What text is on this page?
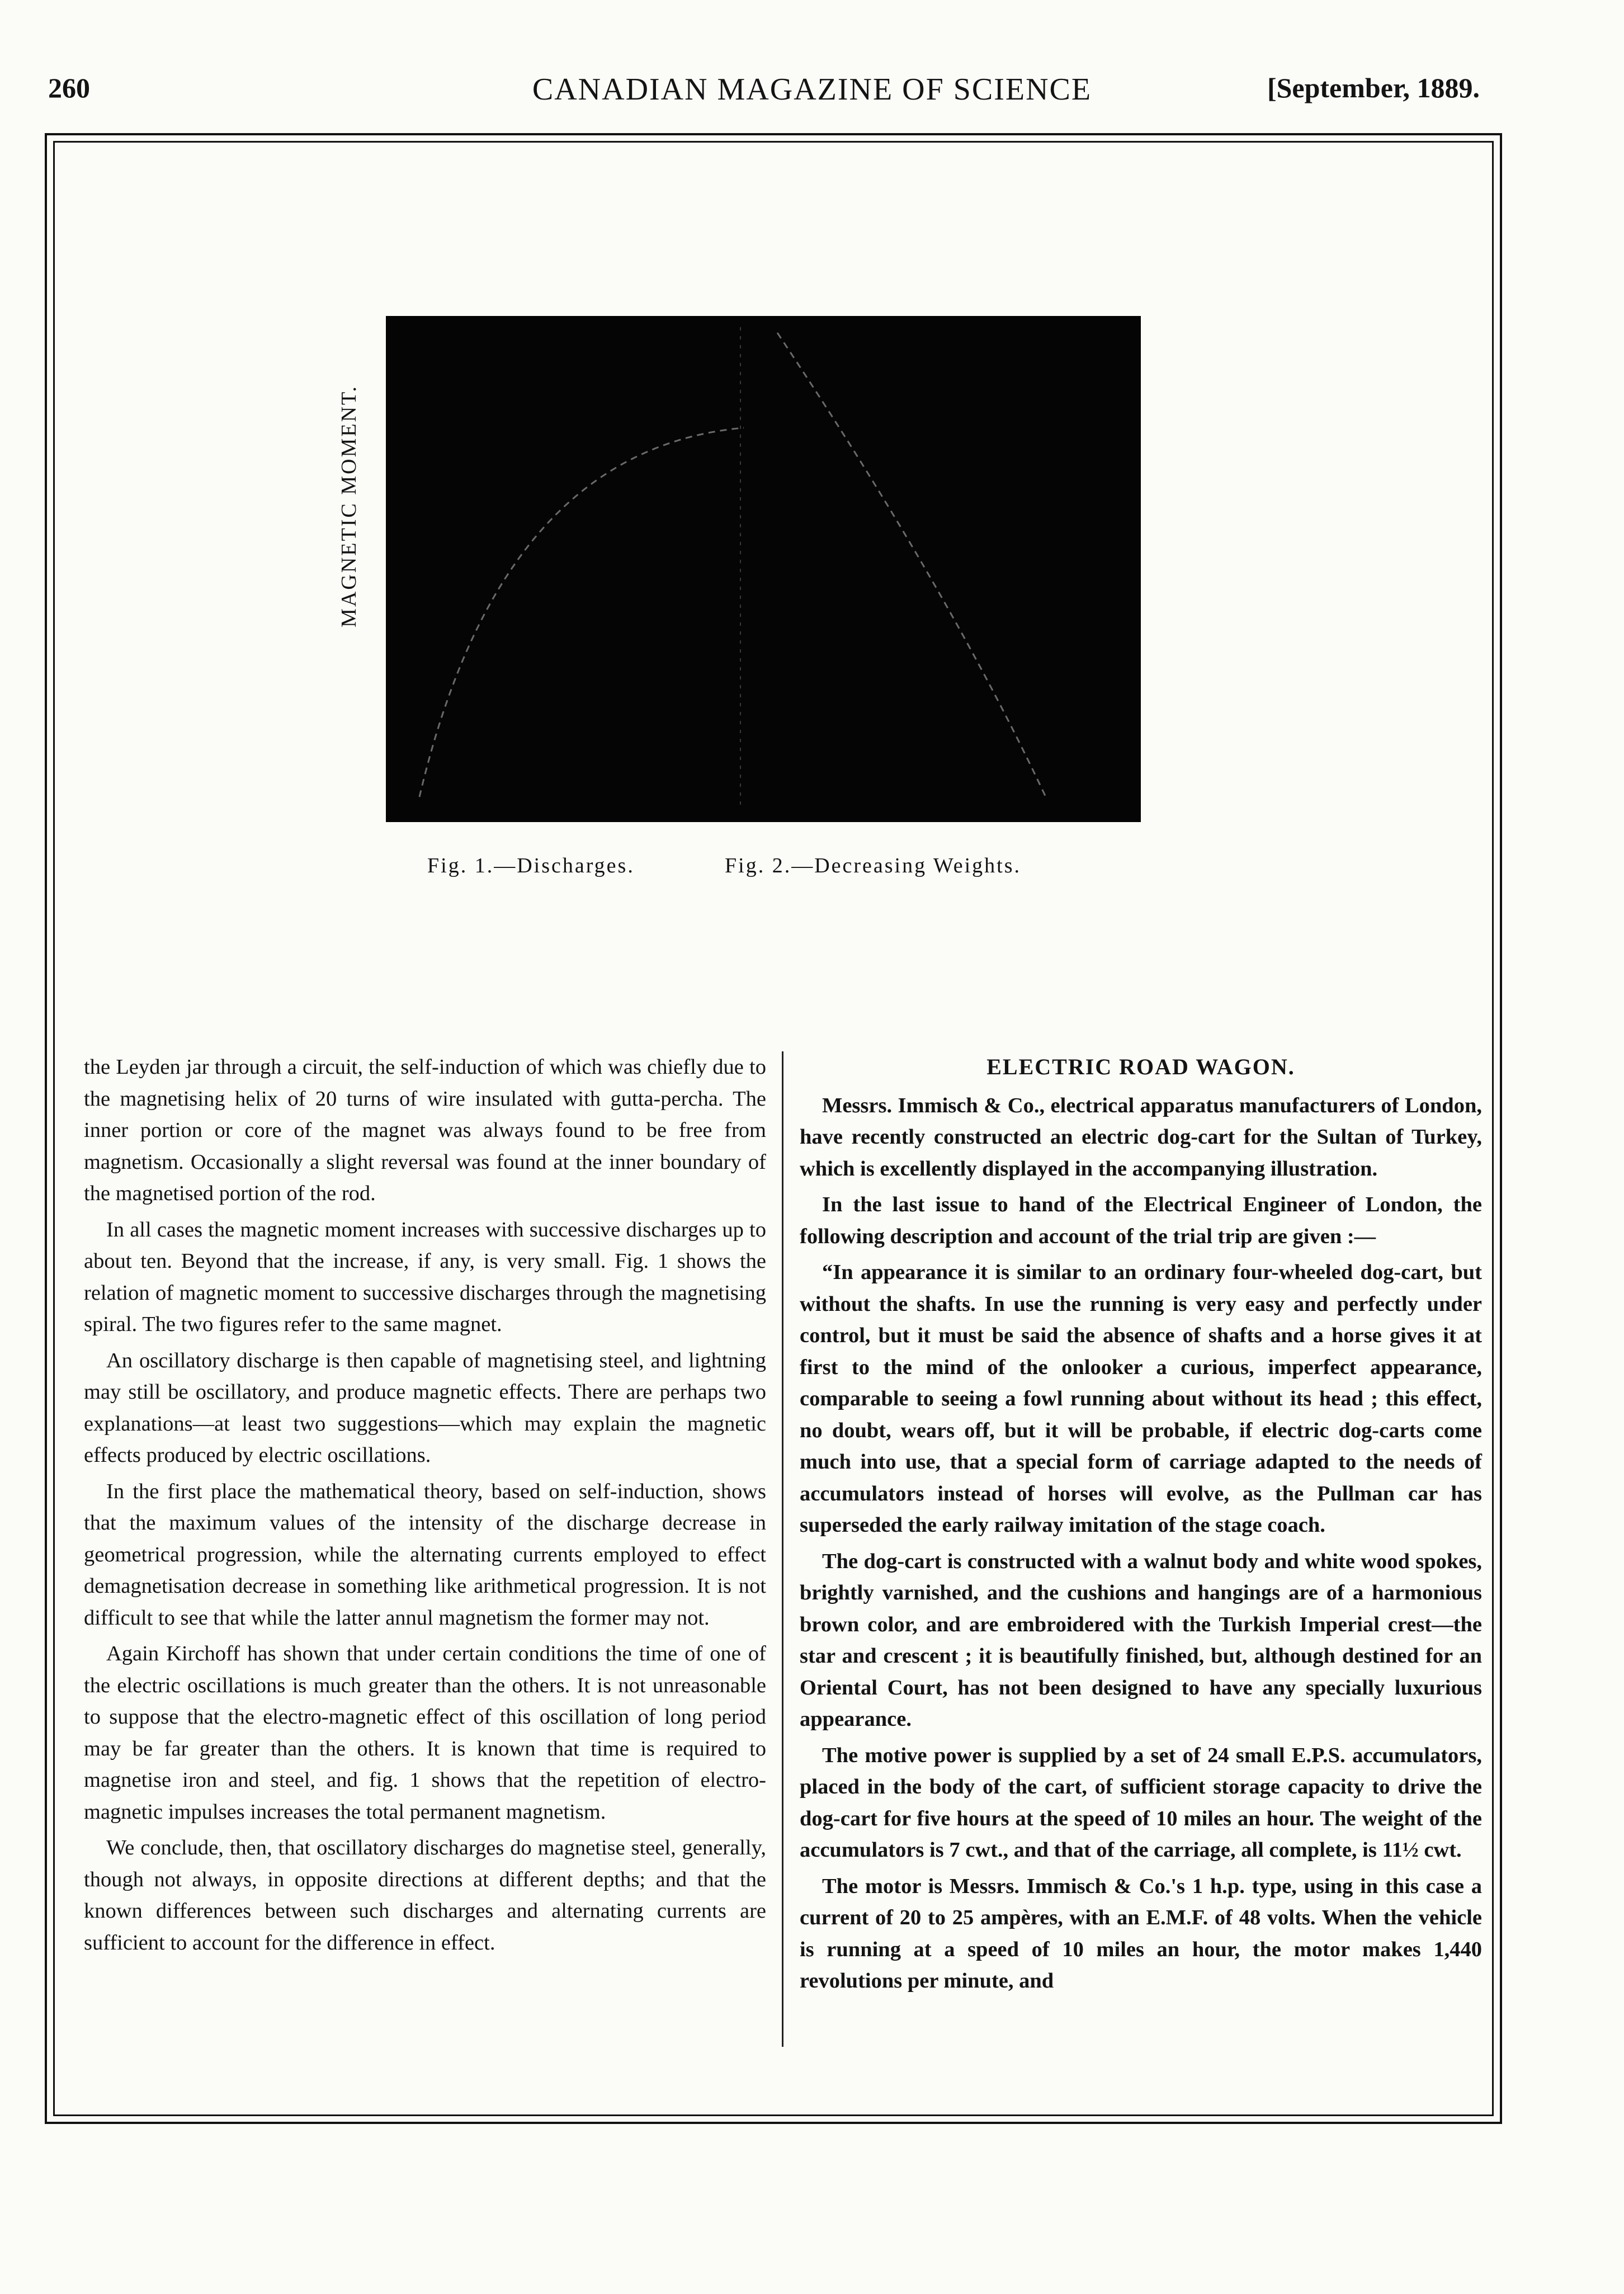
260	CANADIAN MAGAZINE OF SCIENCE	[September, 1889.
MAGNETIC MOMENT.
Fig. 1.—Discharges.	Fig. 2.—Decreasing Weights.

the Leyden jar through a circuit, the self-induction of which was chiefly due to the magnetising helix of 20 turns of wire insulated with gutta-percha. The inner portion or core of the magnet was always found to be free from magnetism. Occasionally a slight reversal was found at the inner boundary of the magnetised portion of the rod.

In all cases the magnetic moment increases with successive discharges up to about ten. Beyond that the increase, if any, is very small. Fig. 1 shows the relation of magnetic moment to successive discharges through the magnetising spiral. The two figures refer to the same magnet.

An oscillatory discharge is then capable of magnetising steel, and lightning may still be oscillatory, and produce magnetic effects. There are perhaps two explanations—at least two suggestions—which may explain the magnetic effects produced by electric oscillations.

In the first place the mathematical theory, based on self-induction, shows that the maximum values of the intensity of the discharge decrease in geometrical progression, while the alternating currents employed to effect demagnetisation decrease in something like arithmetical progression. It is not difficult to see that while the latter annul magnetism the former may not.

Again Kirchoff has shown that under certain conditions the time of one of the electric oscillations is much greater than the others. It is not unreasonable to suppose that the electro-magnetic effect of this oscillation of long period may be far greater than the others. It is known that time is required to magnetise iron and steel, and fig. 1 shows that the repetition of electro-magnetic impulses increases the total permanent magnetism.

We conclude, then, that oscillatory discharges do magnetise steel, generally, though not always, in opposite directions at different depths; and that the known differences between such discharges and alternating currents are sufficient to account for the difference in effect.

ELECTRIC ROAD WAGON.

Messrs. Immisch & Co., electrical apparatus manufacturers of London, have recently constructed an electric dog-cart for the Sultan of Turkey, which is excellently displayed in the accompanying illustration.

In the last issue to hand of the Electrical Engineer of London, the following description and account of the trial trip are given :—

“In appearance it is similar to an ordinary four-wheeled dog-cart, but without the shafts. In use the running is very easy and perfectly under control, but it must be said the absence of shafts and a horse gives it at first to the mind of the onlooker a curious, imperfect appearance, comparable to seeing a fowl running about without its head ; this effect, no doubt, wears off, but it will be probable, if electric dog-carts come much into use, that a special form of carriage adapted to the needs of accumulators instead of horses will evolve, as the Pullman car has superseded the early railway imitation of the stage coach.

The dog-cart is constructed with a walnut body and white wood spokes, brightly varnished, and the cushions and hangings are of a harmonious brown color, and are embroidered with the Turkish Imperial crest—the star and crescent ; it is beautifully finished, but, although destined for an Oriental Court, has not been designed to have any specially luxurious appearance.

The motive power is supplied by a set of 24 small E.P.S. accumulators, placed in the body of the cart, of sufficient storage capacity to drive the dog-cart for five hours at the speed of 10 miles an hour. The weight of the accumulators is 7 cwt., and that of the carriage, all complete, is 11½ cwt.

The motor is Messrs. Immisch & Co.'s 1 h.p. type, using in this case a current of 20 to 25 ampères, with an E.M.F. of 48 volts. When the vehicle is running at a speed of 10 miles an hour, the motor makes 1,440 revolutions per minute, and
